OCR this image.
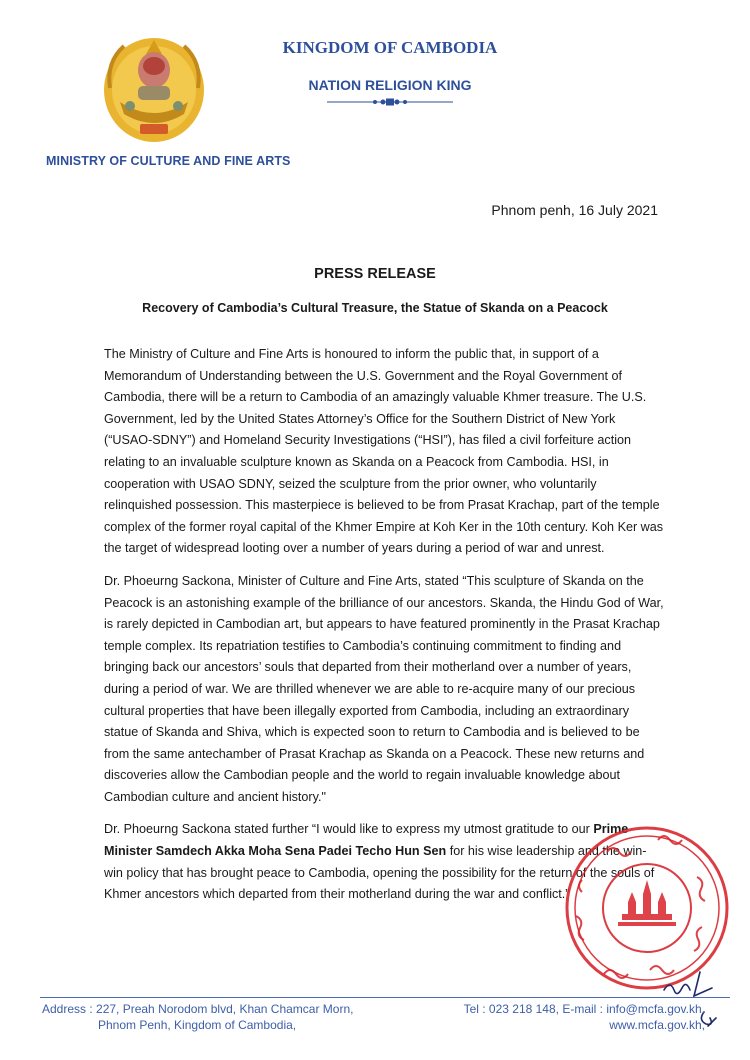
MINISTRY OF CULTURE AND FINE ARTS
KINGDOM OF CAMBODIA
NATION RELIGION KING
Phnom penh, 16 July 2021
PRESS RELEASE
Recovery of Cambodia’s Cultural Treasure, the Statue of Skanda on a Peacock

The Ministry of Culture and Fine Arts is honoured to inform the public that, in support of a Memorandum of Understanding between the U.S. Government and the Royal Government of Cambodia, there will be a return to Cambodia of an amazingly valuable Khmer treasure. The U.S. Government, led by the United States Attorney’s Office for the Southern District of New York (“USAO-SDNY”) and Homeland Security Investigations (“HSI”), has filed a civil forfeiture action relating to an invaluable sculpture known as Skanda on a Peacock from Cambodia. HSI, in cooperation with USAO SDNY, seized the sculpture from the prior owner, who voluntarily relinquished possession. This masterpiece is believed to be from Prasat Krachap, part of the temple complex of the former royal capital of the Khmer Empire at Koh Ker in the 10th century. Koh Ker was the target of widespread looting over a number of years during a period of war and unrest.

Dr. Phoeurng Sackona, Minister of Culture and Fine Arts, stated “This sculpture of Skanda on the Peacock is an astonishing example of the brilliance of our ancestors. Skanda, the Hindu God of War, is rarely depicted in Cambodian art, but appears to have featured prominently in the Prasat Krachap temple complex. Its repatriation testifies to Cambodia’s continuing commitment to finding and bringing back our ancestors’ souls that departed from their motherland over a number of years, during a period of war. We are thrilled whenever we are able to re-acquire many of our precious cultural properties that have been illegally exported from Cambodia, including an extraordinary statue of Skanda and Shiva, which is expected soon to return to Cambodia and is believed to be from the same antechamber of Prasat Krachap as Skanda on a Peacock. These new returns and discoveries allow the Cambodian people and the world to regain invaluable knowledge about Cambodian culture and ancient history."

Dr. Phoeurng Sackona stated further “I would like to express my utmost gratitude to our Prime Minister Samdech Akka Moha Sena Padei Techo Hun Sen for his wise leadership and the win-win policy that has brought peace to Cambodia, opening the possibility for the return of the souls of Khmer ancestors which departed from their motherland during the war and conflict.”

Address : 227, Preah Norodom blvd, Khan Chamcar Morn,
Phnom Penh, Kingdom of Cambodia,
Tel : 023 218 148, E-mail : info@mcfa.gov.kh,
www.mcfa.gov.kh,
